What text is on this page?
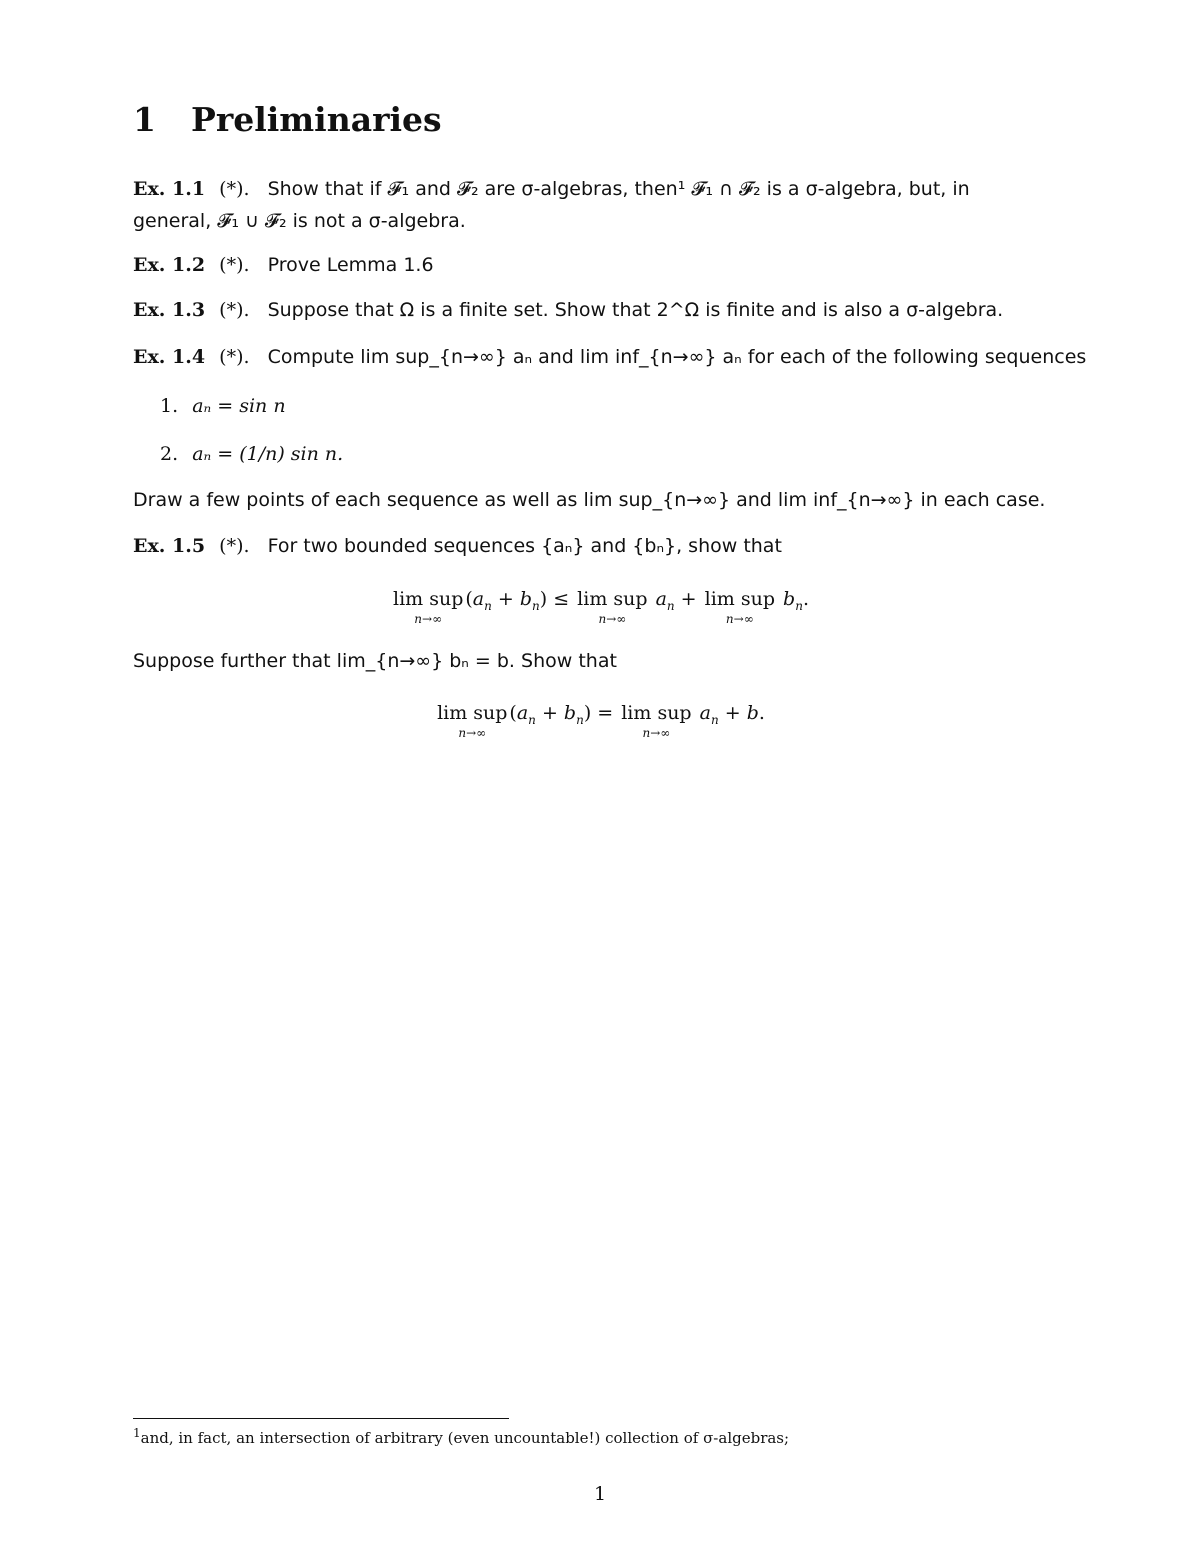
1 Preliminaries
Ex. 1.1 (*). Show that if 𝓕₁ and 𝓕₂ are σ-algebras, then¹ 𝓕₁ ∩ 𝓕₂ is a σ-algebra, but, in
general, 𝓕₁ ∪ 𝓕₂ is not a σ-algebra.
Ex. 1.2 (*). Prove Lemma 1.6
Ex. 1.3 (*). Suppose that Ω is a finite set. Show that 2^Ω is finite and is also a σ-algebra.
Ex. 1.4 (*). Compute lim sup_{n→∞} aₙ and lim inf_{n→∞} aₙ for each of the following sequences
1. aₙ = sin n
2. aₙ = (1/n) sin n.
Draw a few points of each sequence as well as lim sup_{n→∞} and lim inf_{n→∞} in each case.
Ex. 1.5 (*). For two bounded sequences {aₙ} and {bₙ}, show that
lim sup
n→∞
$(a_n + b_n) \le \lim$ sup
n→∞
$a_n + \lim$ sup
n→∞
$b_n$.
Suppose further that lim_{n→∞} bₙ = b. Show that
lim sup
n→∞
$(a_n + b_n) = \lim$ sup
n→∞
$a_n + b$.
$^1$and, in fact, an intersection of arbitrary (even uncountable!) collection of σ-algebras;
1
